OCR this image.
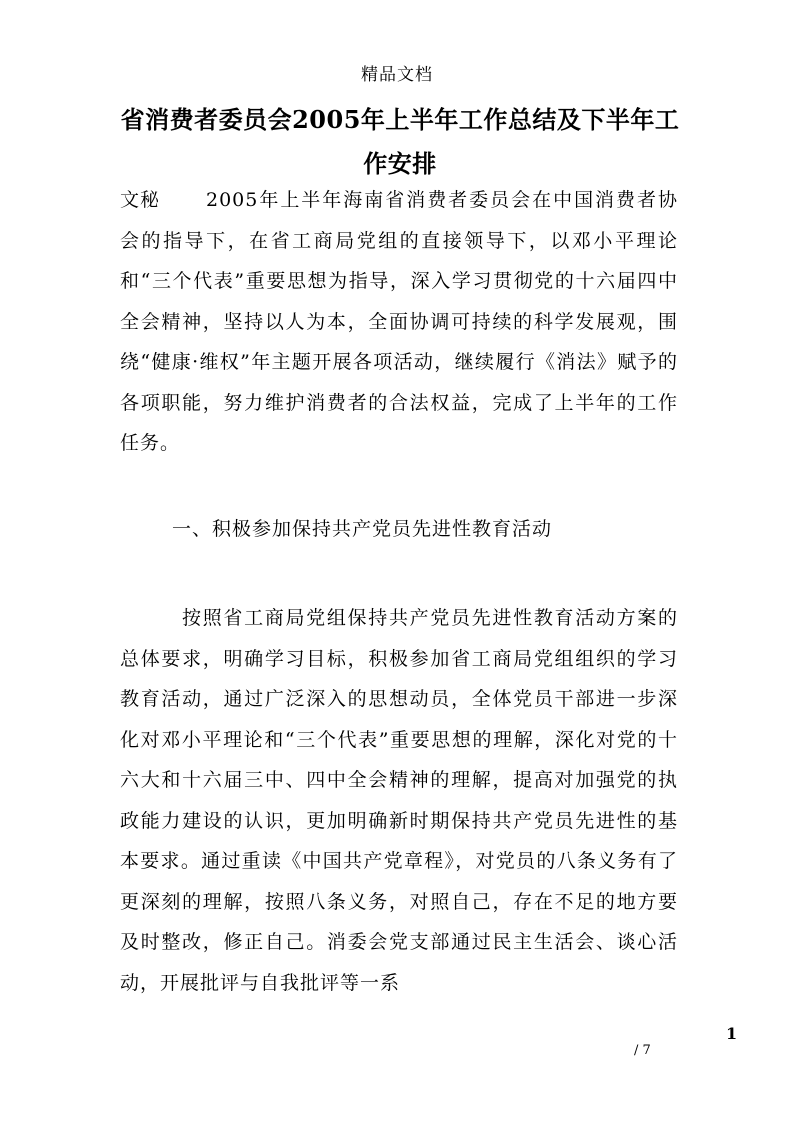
精品文档
省消费者委员会2005年上半年工作总结及下半年工作安排
文秘 2005年上半年海南省消费者委员会在中国消费者协会的指导下，在省工商局党组的直接领导下，以邓小平理论和“三个代表”重要思想为指导，深入学习贯彻党的十六届四中全会精神，坚持以人为本，全面协调可持续的科学发展观，围绕“健康·维权”年主题开展各项活动，继续履行《消法》赋予的各项职能，努力维护消费者的合法权益，完成了上半年的工作任务。
一、积极参加保持共产党员先进性教育活动
按照省工商局党组保持共产党员先进性教育活动方案的总体要求，明确学习目标，积极参加省工商局党组组织的学习教育活动，通过广泛深入的思想动员，全体党员干部进一步深化对邓小平理论和“三个代表”重要思想的理解，深化对党的十六大和十六届三中、四中全会精神的理解，提高对加强党的执政能力建设的认识，更加明确新时期保持共产党员先进性的基本要求。通过重读《中国共产党章程》，对党员的八条义务有了更深刻的理解，按照八条义务，对照自己，存在不足的地方要及时整改，修正自己。消委会党支部通过民主生活会、谈心活动，开展批评与自我批评等一系
1
/ 7
